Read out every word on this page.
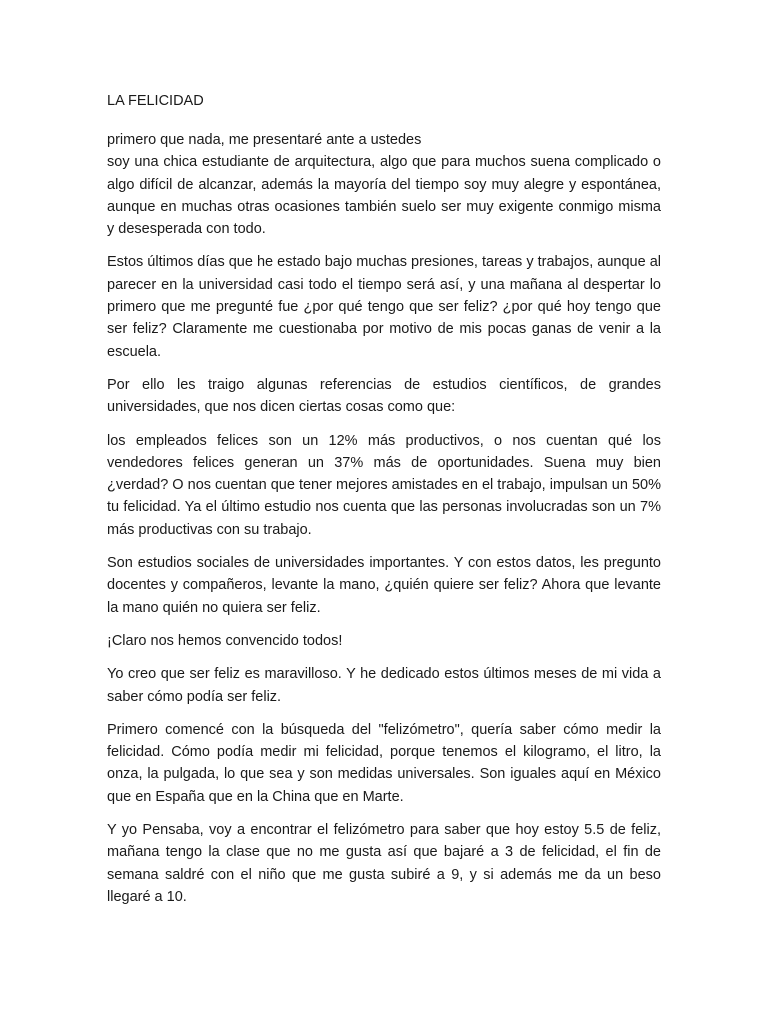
LA FELICIDAD

primero que nada, me presentaré ante a ustedes

soy una chica estudiante de arquitectura, algo que para muchos suena complicado o algo difícil de alcanzar, además la mayoría del tiempo soy muy alegre y espontánea, aunque en muchas otras ocasiones también suelo ser muy exigente conmigo misma y desesperada con todo.

Estos últimos días que he estado bajo muchas presiones, tareas y trabajos, aunque al parecer en la universidad casi todo el tiempo será así, y una mañana al despertar lo primero que me pregunté fue ¿por qué tengo que ser feliz? ¿por qué hoy tengo que ser feliz? Claramente me cuestionaba por motivo de mis pocas ganas de venir a la escuela.

Por ello les traigo algunas referencias de estudios científicos, de grandes universidades, que nos dicen ciertas cosas como que:

los empleados felices son un 12% más productivos, o nos cuentan qué los vendedores felices generan un 37% más de oportunidades. Suena muy bien ¿verdad? O nos cuentan que tener mejores amistades en el trabajo, impulsan un 50% tu felicidad. Ya el último estudio nos cuenta que las personas involucradas son un 7% más productivas con su trabajo.

Son estudios sociales de universidades importantes. Y con estos datos, les pregunto docentes y compañeros, levante la mano, ¿quién quiere ser feliz? Ahora que levante la mano quién no quiera ser feliz.

¡Claro nos hemos convencido todos!

Yo creo que ser feliz es maravilloso. Y he dedicado estos últimos meses de mi vida a saber cómo podía ser feliz.

Primero comencé con la búsqueda del "felizómetro", quería saber cómo medir la felicidad. Cómo podía medir mi felicidad, porque tenemos el kilogramo, el litro, la onza, la pulgada, lo que sea y son medidas universales. Son iguales aquí en México que en España que en la China que en Marte.

Y yo Pensaba, voy a encontrar el felizómetro para saber que hoy estoy 5.5 de feliz, mañana tengo la clase que no me gusta así que bajaré a 3 de felicidad, el fin de semana saldré con el niño que me gusta subiré a 9, y si además me da un beso llegaré a 10.
